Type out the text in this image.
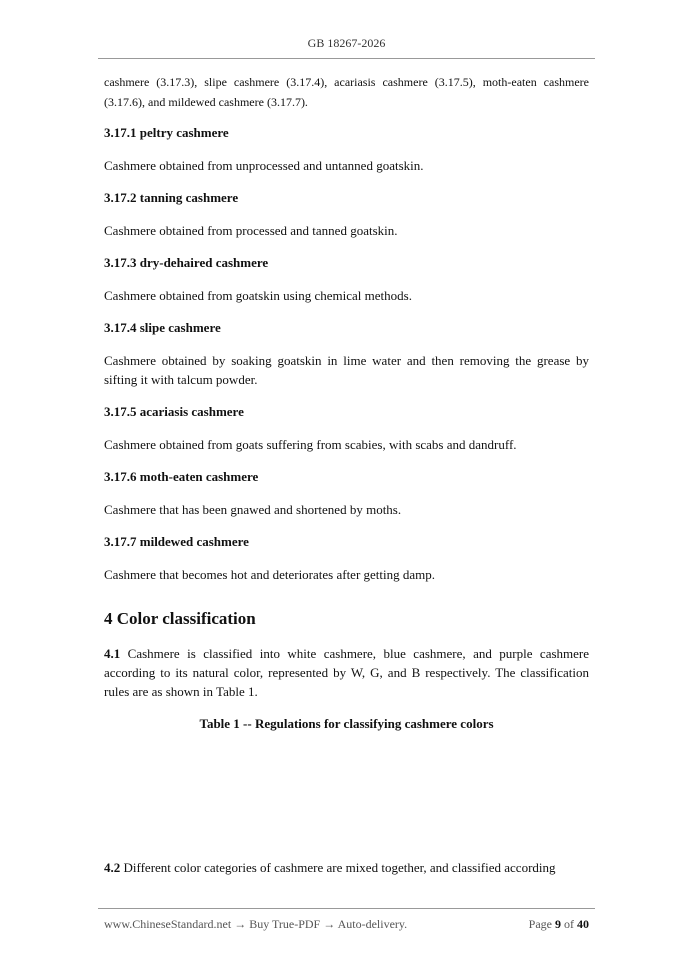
GB 18267-2026

cashmere (3.17.3), slipe cashmere (3.17.4), acariasis cashmere (3.17.5), moth-eaten cashmere (3.17.6), and mildewed cashmere (3.17.7).

3.17.1 peltry cashmere

Cashmere obtained from unprocessed and untanned goatskin.

3.17.2 tanning cashmere

Cashmere obtained from processed and tanned goatskin.

3.17.3 dry-dehaired cashmere

Cashmere obtained from goatskin using chemical methods.

3.17.4 slipe cashmere

Cashmere obtained by soaking goatskin in lime water and then removing the grease by sifting it with talcum powder.

3.17.5 acariasis cashmere

Cashmere obtained from goats suffering from scabies, with scabs and dandruff.

3.17.6 moth-eaten cashmere

Cashmere that has been gnawed and shortened by moths.

3.17.7 mildewed cashmere

Cashmere that becomes hot and deteriorates after getting damp.

4 Color classification

4.1 Cashmere is classified into white cashmere, blue cashmere, and purple cashmere according to its natural color, represented by W, G, and B respectively. The classification rules are as shown in Table 1.

Table 1 -- Regulations for classifying cashmere colors

4.2 Different color categories of cashmere are mixed together, and classified according

www.ChineseStandard.net → Buy True-PDF → Auto-delivery.	Page 9 of 40
